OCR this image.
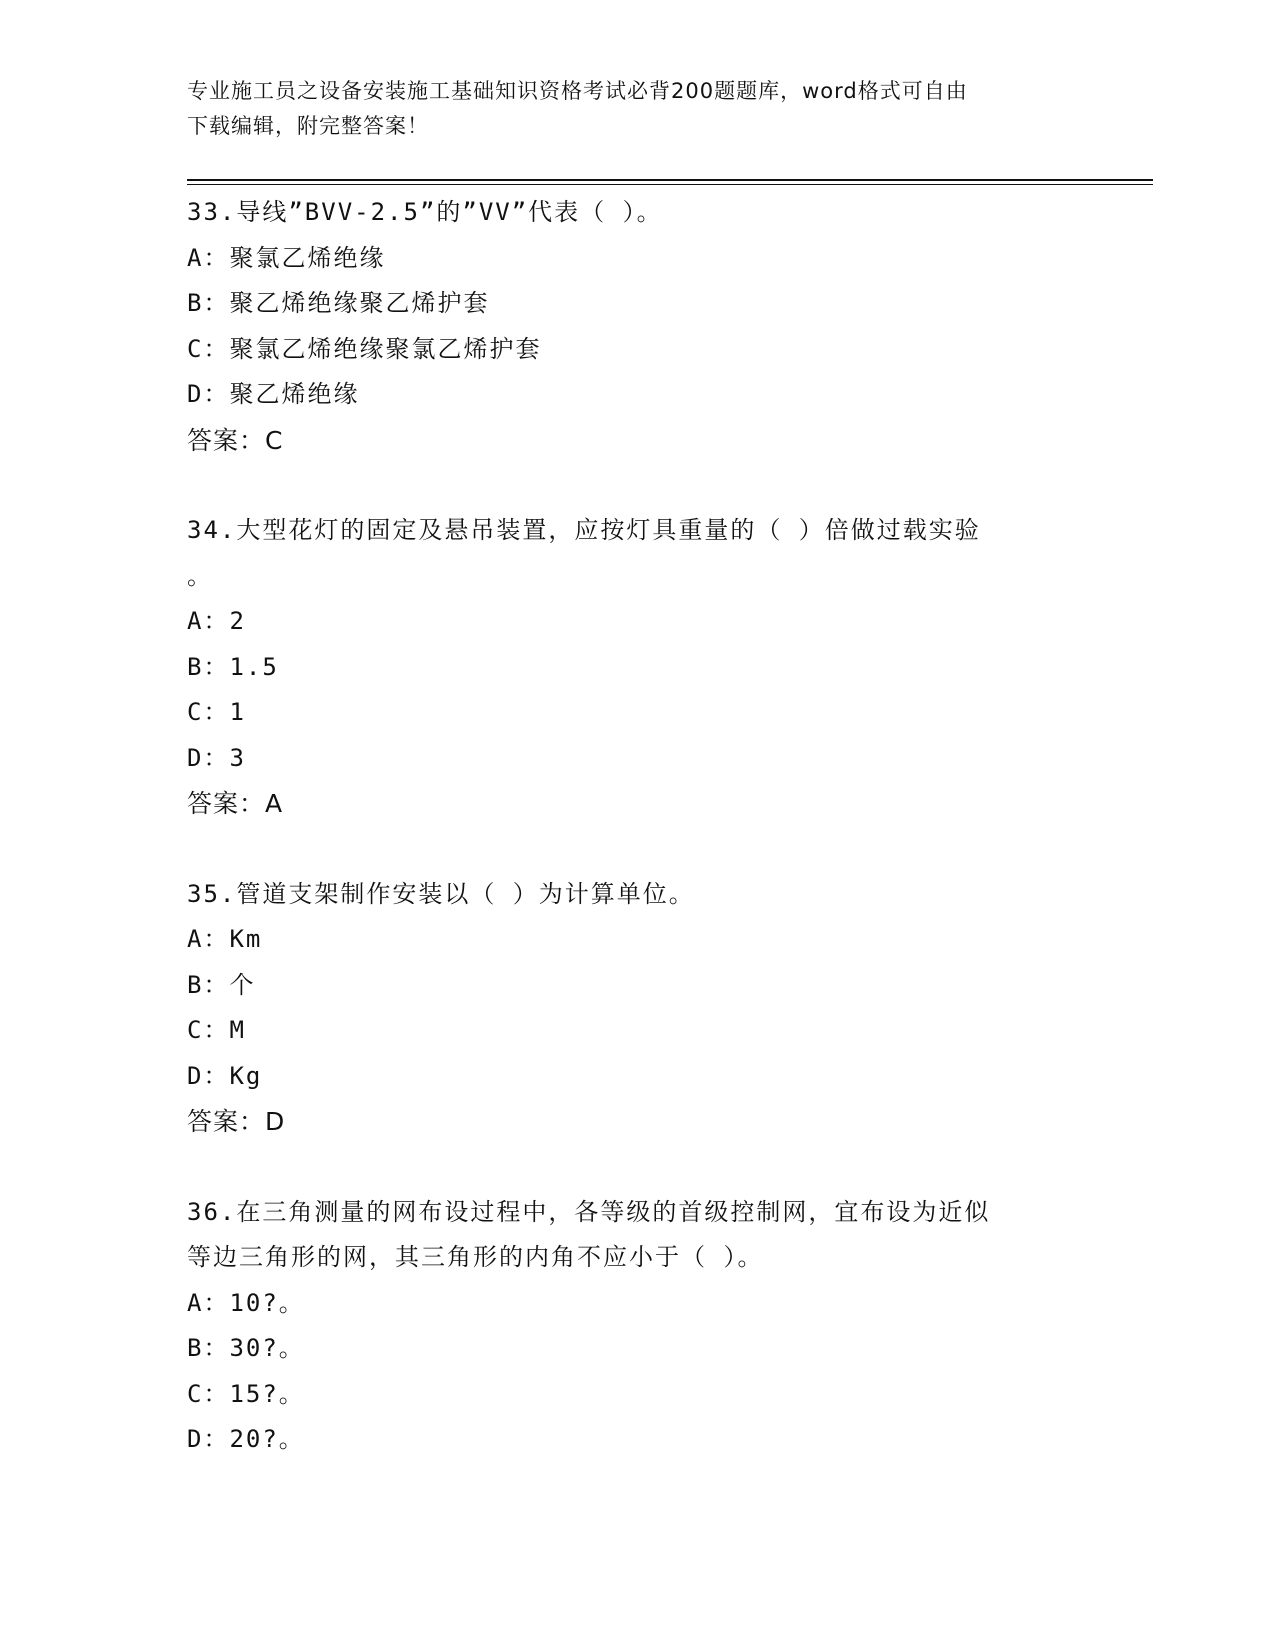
专业施工员之设备安装施工基础知识资格考试必背200题题库，word格式可自由
下载编辑，附完整答案！
33.导线”BVV-2.5”的”VV”代表（ ）。
A：聚氯乙烯绝缘
B：聚乙烯绝缘聚乙烯护套
C：聚氯乙烯绝缘聚氯乙烯护套
D：聚乙烯绝缘
答案：C
34.大型花灯的固定及悬吊装置，应按灯具重量的（ ）倍做过载实验
。
A：2
B：1.5
C：1
D：3
答案：A
35.管道支架制作安装以（ ）为计算单位。
A：Km
B：个
C：M
D：Kg
答案：D
36.在三角测量的网布设过程中，各等级的首级控制网，宜布设为近似
等边三角形的网，其三角形的内角不应小于（ ）。
A：10?。
B：30?。
C：15?。
D：20?。
